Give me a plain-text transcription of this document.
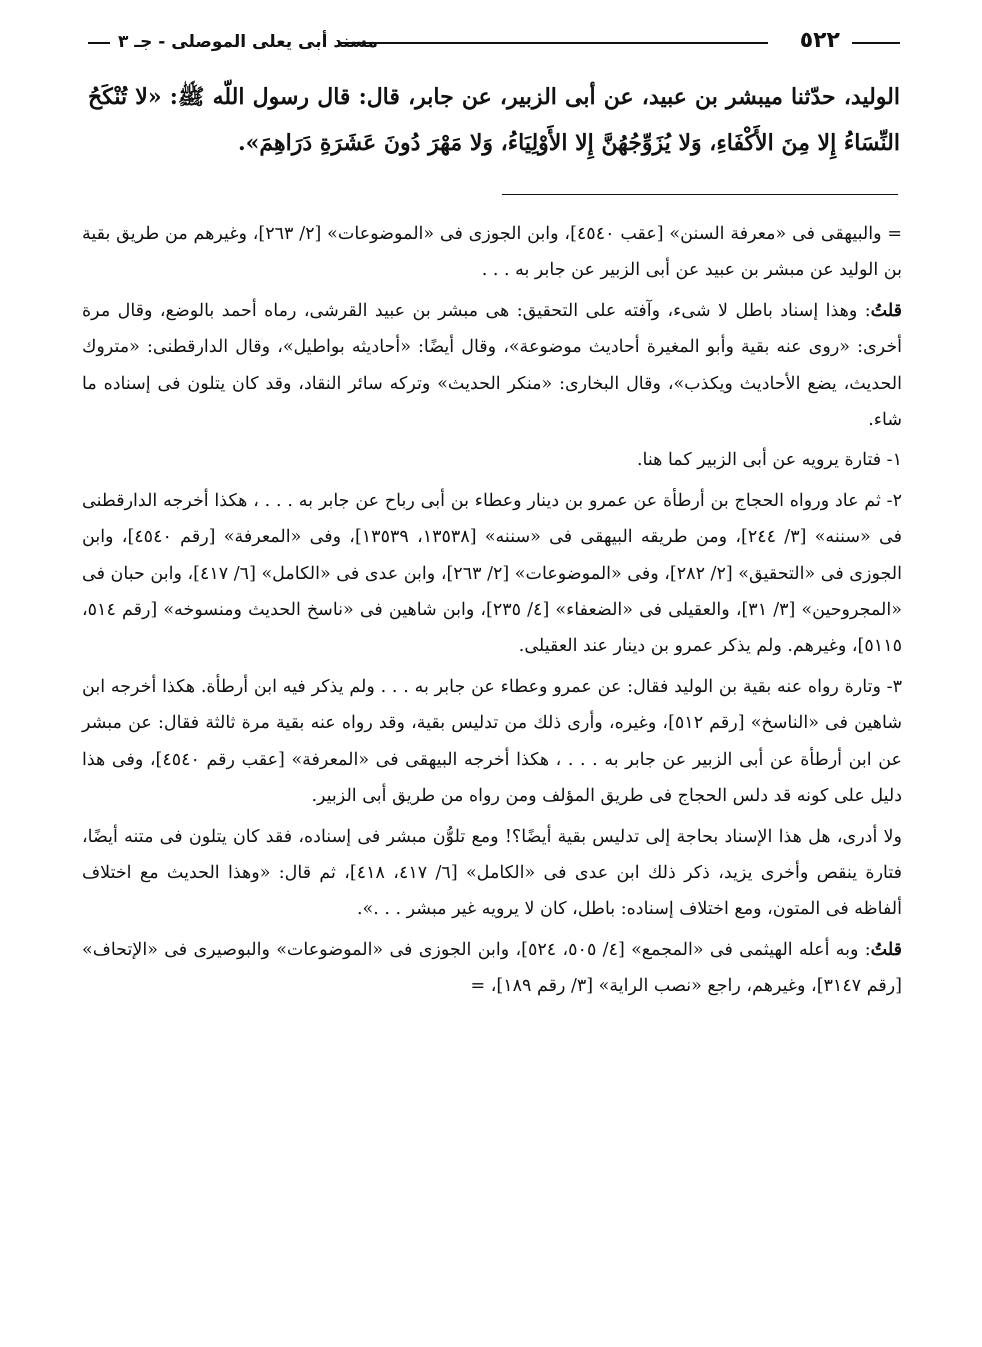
٥٢٢
مسند أبى يعلى الموصلى - جـ ٣
الوليد، حدّثنا ميبشر بن عبيد، عن أبى الزبير، عن جابر، قال: قال رسول اللّه ﷺ: «لا تُنْكَحُ النِّسَاءُ إِلا مِنَ الأَكْفَاءِ، وَلا يُزَوِّجُهُنَّ إِلا الأَوْلِيَاءُ، وَلا مَهْرَ دُونَ عَشَرَةِ دَرَاهِمَ».

= والبيهقى فى «معرفة السنن» [عقب ٤٥٤٠]، وابن الجوزى فى «الموضوعات» [٢/ ٢٦٣]، وغيرهم من طريق بقية بن الوليد عن مبشر بن عبيد عن أبى الزبير عن جابر به . . .

قلتُ: وهذا إسناد باطل لا شىء، وآفته على التحقيق: هى مبشر بن عبيد القرشى، رماه أحمد بالوضع، وقال مرة أخرى: «روى عنه بقية وأبو المغيرة أحاديث موضوعة»، وقال أيضًا: «أحاديثه بواطيل»، وقال الدارقطنى: «متروك الحديث، يضع الأحاديث ويكذب»، وقال البخارى: «منكر الحديث» وتركه سائر النقاد، وقد كان يتلون فى إسناده ما شاء.

١- فتارة يرويه عن أبى الزبير كما هنا.

٢- ثم عاد ورواه الحجاج بن أرطأة عن عمرو بن دينار وعطاء بن أبى رباح عن جابر به . . . ، هكذا أخرجه الدارقطنى فى «سننه» [٣/ ٢٤٤]، ومن طريقه البيهقى فى «سننه» [١٣٥٣٨، ١٣٥٣٩]، وفى «المعرفة» [رقم ٤٥٤٠]، وابن الجوزى فى «التحقيق» [٢/ ٢٨٢]، وفى «الموضوعات» [٢/ ٢٦٣]، وابن عدى فى «الكامل» [٦/ ٤١٧]، وابن حبان فى «المجروحين» [٣/ ٣١]، والعقيلى فى «الضعفاء» [٤/ ٢٣٥]، وابن شاهين فى «ناسخ الحديث ومنسوخه» [رقم ٥١٤، ٥١١٥]، وغيرهم. ولم يذكر عمرو بن دينار عند العقيلى.

٣- وتارة رواه عنه بقية بن الوليد فقال: عن عمرو وعطاء عن جابر به . . . ولم يذكر فيه ابن أرطأة. هكذا أخرجه ابن شاهين فى «الناسخ» [رقم ٥١٢]، وغيره، وأرى ذلك من تدليس بقية، وقد رواه عنه بقية مرة ثالثة فقال: عن مبشر عن ابن أرطأة عن أبى الزبير عن جابر به . . . ، هكذا أخرجه البيهقى فى «المعرفة» [عقب رقم ٤٥٤٠]، وفى هذا دليل على كونه قد دلس الحجاج فى طريق المؤلف ومن رواه من طريق أبى الزبير.

ولا أدرى، هل هذا الإسناد بحاجة إلى تدليس بقية أيضًا؟! ومع تلوُّن مبشر فى إسناده، فقد كان يتلون فى متنه أيضًا، فتارة ينقص وأخرى يزيد، ذكر ذلك ابن عدى فى «الكامل» [٦/ ٤١٧، ٤١٨]، ثم قال: «وهذا الحديث مع اختلاف ألفاظه فى المتون، ومع اختلاف إسناده: باطل، كان لا يرويه غير مبشر . . .».

قلتُ: وبه أعله الهيثمى فى «المجمع» [٤/ ٥٠٥، ٥٢٤]، وابن الجوزى فى «الموضوعات» والبوصيرى فى «الإتحاف» [رقم ٣١٤٧]، وغيرهم، راجع «نصب الراية» [٣/ رقم ١٨٩]، =
